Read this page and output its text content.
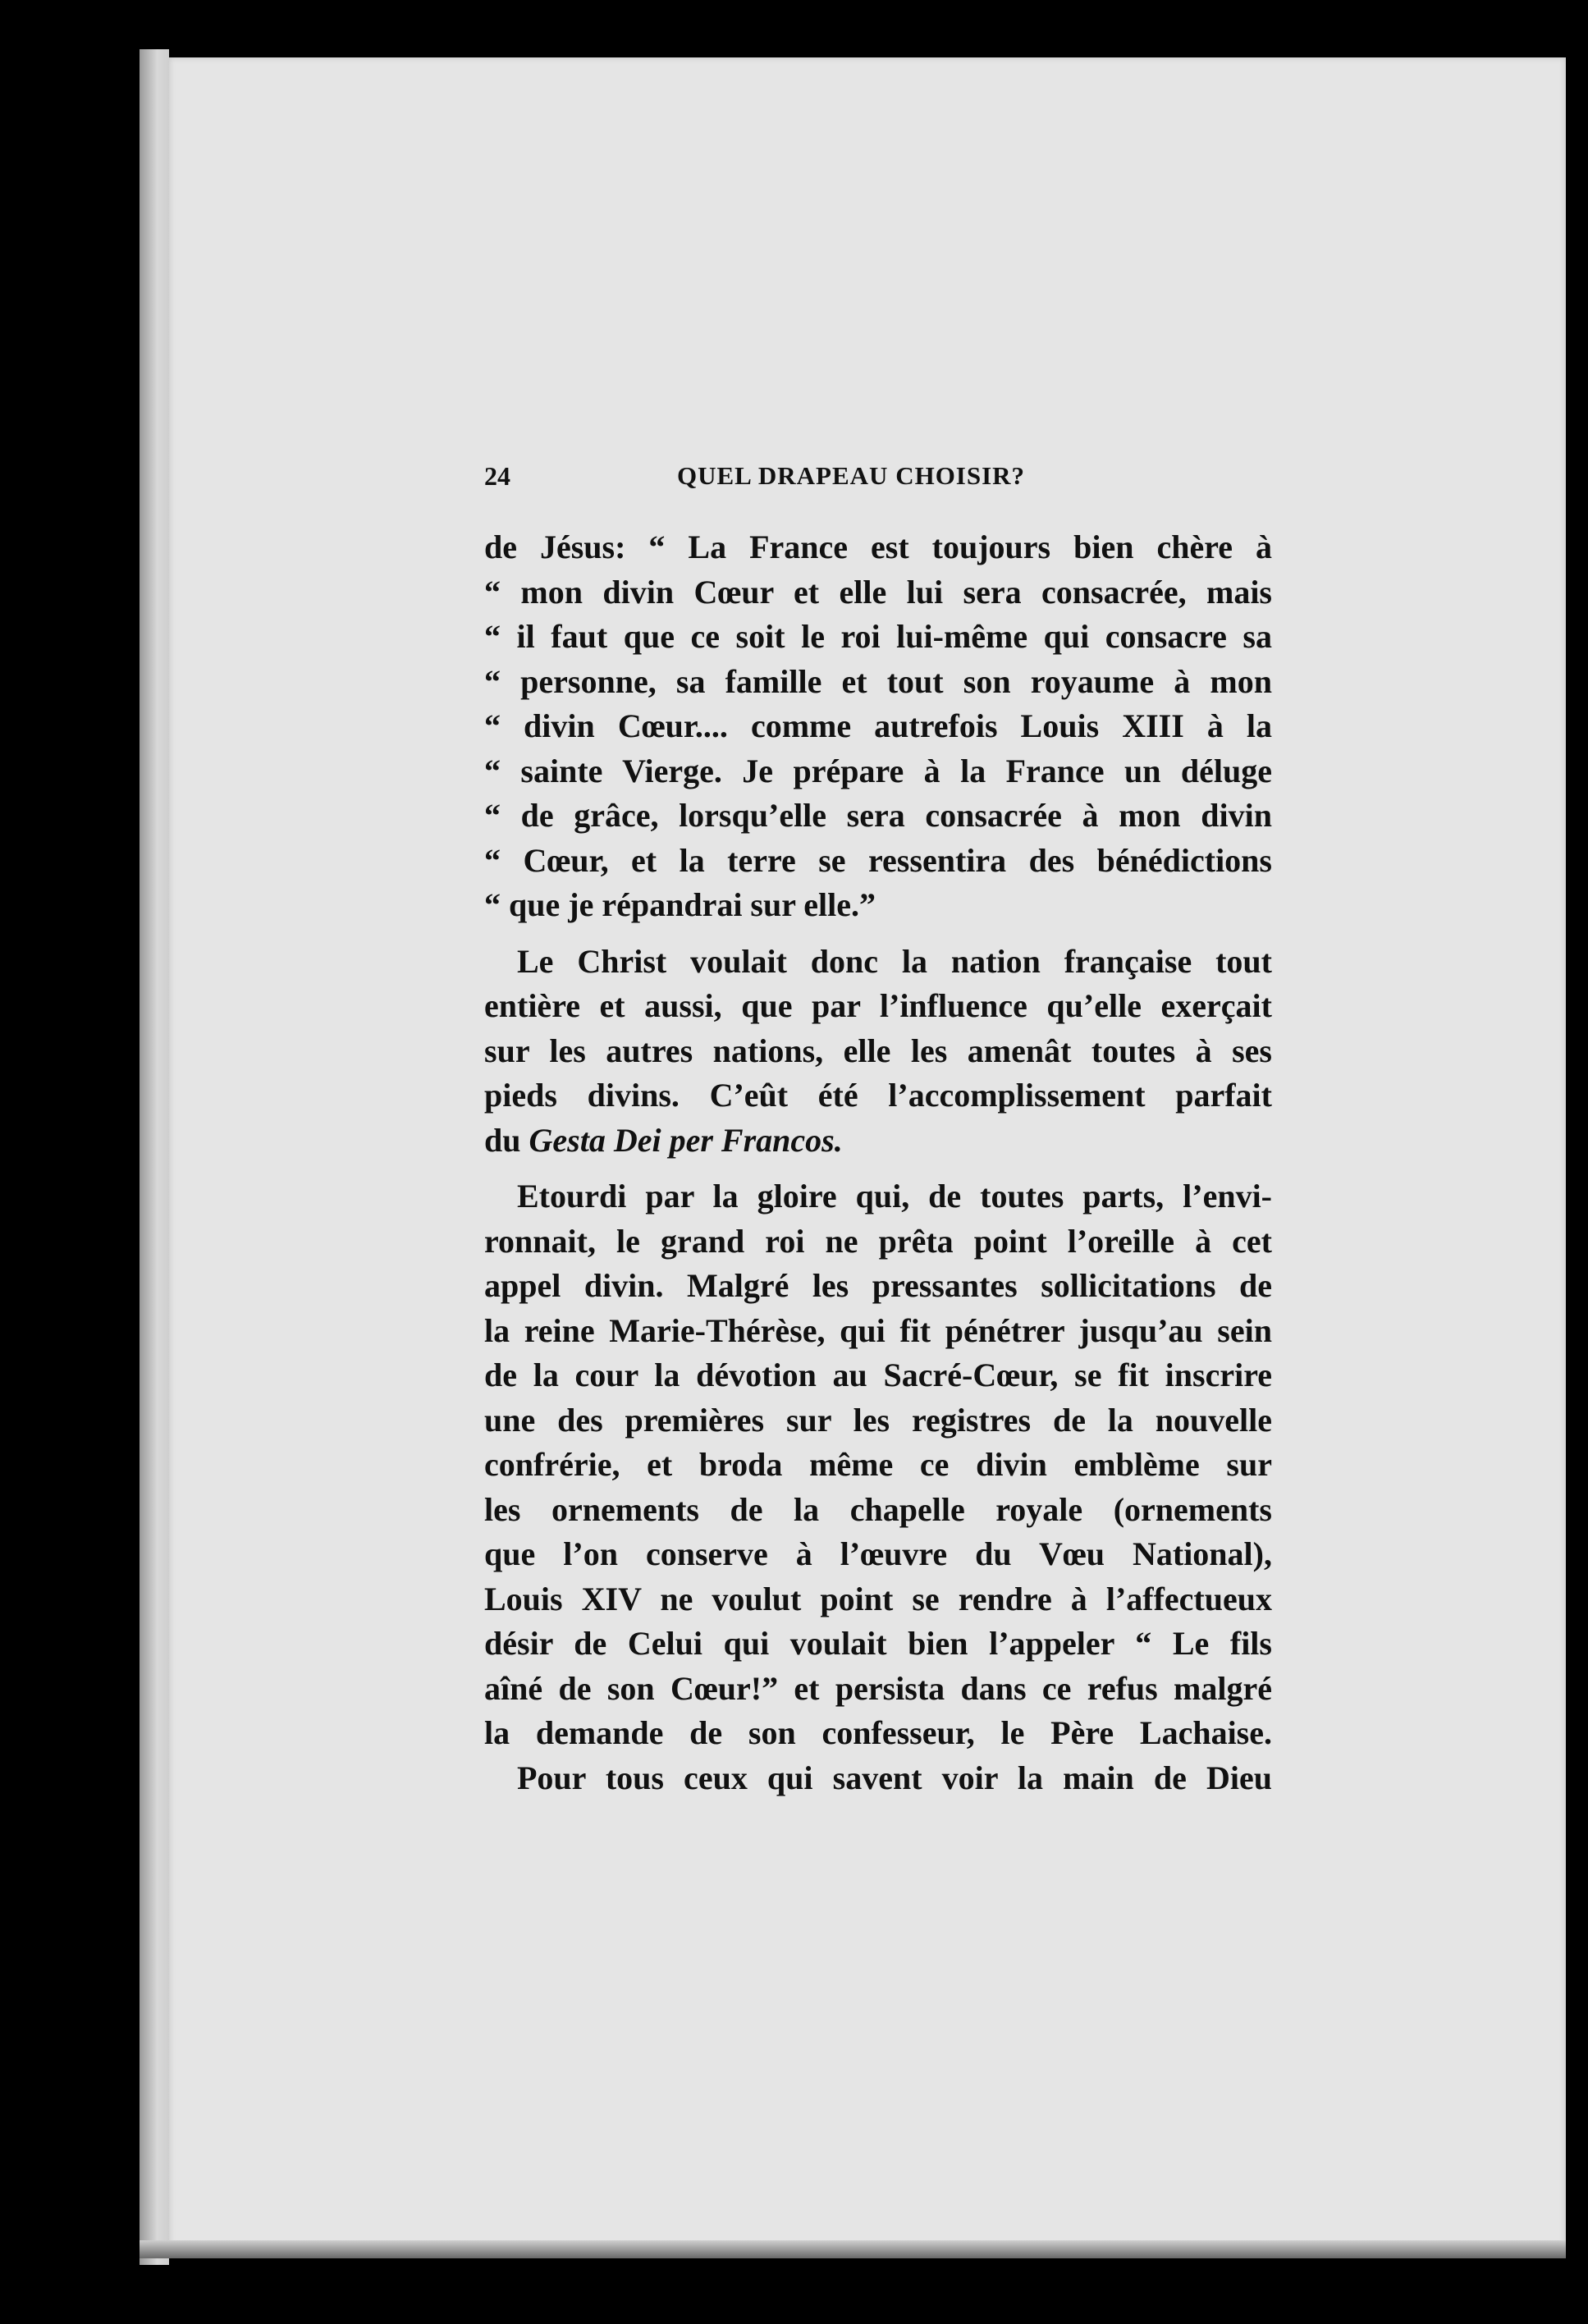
24	QUEL DRAPEAU CHOISIR?
de Jésus: “ La France est toujours bien chère à
“ mon divin Cœur et elle lui sera consacrée, mais
“ il faut que ce soit le roi lui-même qui consacre sa
“ personne, sa famille et tout son royaume à mon
“ divin Cœur.... comme autrefois Louis XIII à la
“ sainte Vierge. Je prépare à la France un déluge
“ de grâce, lorsqu’elle sera consacrée à mon divin
“ Cœur, et la terre se ressentira des bénédictions
“ que je répandrai sur elle.”
Le Christ voulait donc la nation française tout
entière et aussi, que par l’influence qu’elle exerçait
sur les autres nations, elle les amenât toutes à ses
pieds divins. C’eût été l’accomplissement parfait
du Gesta Dei per Francos.
Etourdi par la gloire qui, de toutes parts, l’envi-
ronnait, le grand roi ne prêta point l’oreille à cet
appel divin. Malgré les pressantes sollicitations de
la reine Marie-Thérèse, qui fit pénétrer jusqu’au sein
de la cour la dévotion au Sacré-Cœur, se fit inscrire
une des premières sur les registres de la nouvelle
confrérie, et broda même ce divin emblème sur
les ornements de la chapelle royale (ornements
que l’on conserve à l’œuvre du Vœu National),
Louis XIV ne voulut point se rendre à l’affectueux
désir de Celui qui voulait bien l’appeler “ Le fils
aîné de son Cœur!” et persista dans ce refus malgré
la demande de son confesseur, le Père Lachaise.
Pour tous ceux qui savent voir la main de Dieu
